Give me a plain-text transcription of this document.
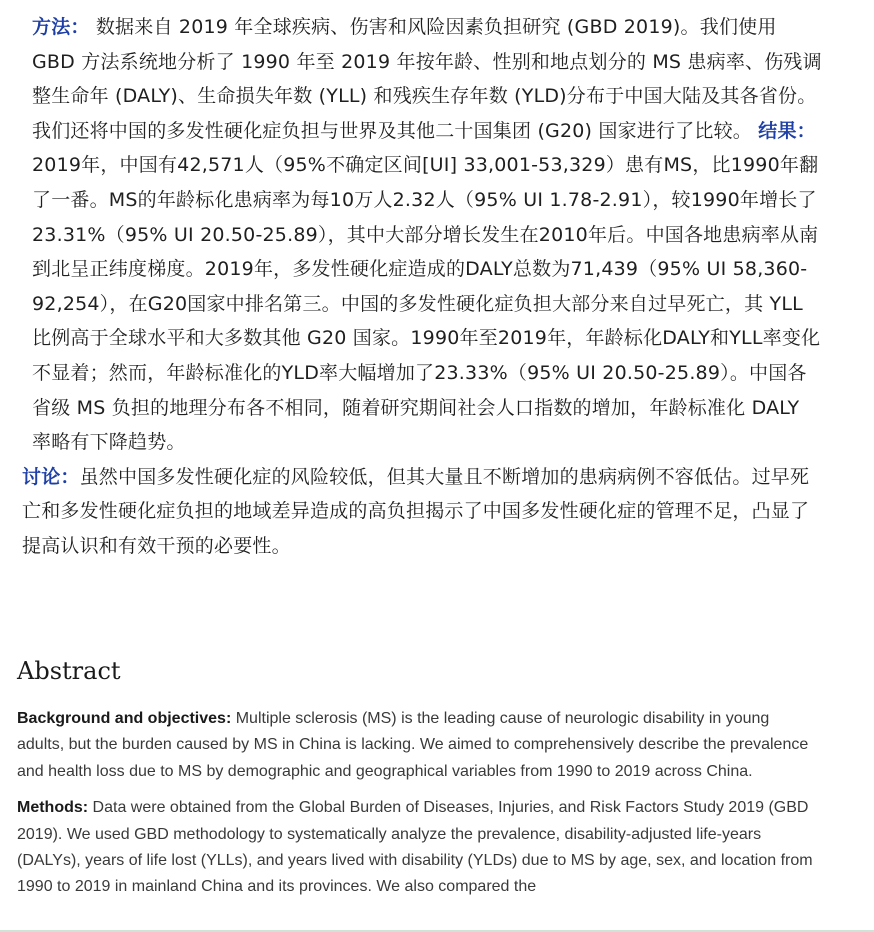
方法： 数据来自 2019 年全球疾病、伤害和风险因素负担研究 (GBD 2019)。我们使用 GBD 方法系统地分析了 1990 年至 2019 年按年龄、性别和地点划分的 MS 患病率、伤残调整生命年 (DALY)、生命损失年数 (YLL) 和残疾生存年数 (YLD)分布于中国大陆及其各省份。我们还将中国的多发性硬化症负担与世界及其他二十国集团 (G20) 国家进行了比较。 结果：2019年，中国有42,571人（95%不确定区间[UI] 33,001-53,329）患有MS，比1990年翻了一番。MS的年龄标化患病率为每10万人2.32人（95% UI 1.78-2.91），较1990年增长了23.31%（95% UI 20.50-25.89），其中大部分增长发生在2010年后。中国各地患病率从南到北呈正纬度梯度。2019年，多发性硬化症造成的DALY总数为71,439（95% UI 58,360-92,254），在G20国家中排名第三。中国的多发性硬化症负担大部分来自过早死亡，其 YLL 比例高于全球水平和大多数其他 G20 国家。1990年至2019年，年龄标化DALY和YLL率变化不显着；然而，年龄标准化的YLD率大幅增加了23.33%（95% UI 20.50-25.89）。中国各省级 MS 负担的地理分布各不相同，随着研究期间社会人口指数的增加，年龄标准化 DALY 率略有下降趋势。

讨论：虽然中国多发性硬化症的风险较低，但其大量且不断增加的患病病例不容低估。过早死亡和多发性硬化症负担的地域差异造成的高负担揭示了中国多发性硬化症的管理不足，凸显了提高认识和有效干预的必要性。

Abstract

Background and objectives: Multiple sclerosis (MS) is the leading cause of neurologic disability in young adults, but the burden caused by MS in China is lacking. We aimed to comprehensively describe the prevalence and health loss due to MS by demographic and geographical variables from 1990 to 2019 across China.

Methods: Data were obtained from the Global Burden of Diseases, Injuries, and Risk Factors Study 2019 (GBD 2019). We used GBD methodology to systematically analyze the prevalence, disability-adjusted life-years (DALYs), years of life lost (YLLs), and years lived with disability (YLDs) due to MS by age, sex, and location from 1990 to 2019 in mainland China and its provinces. We also compared the
